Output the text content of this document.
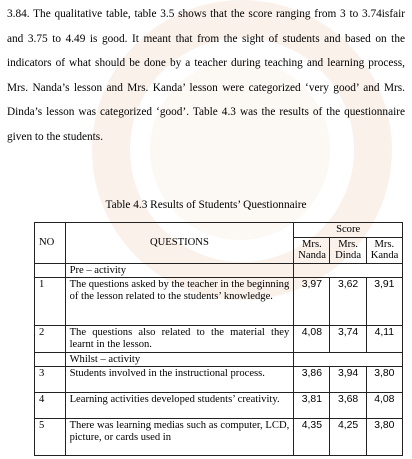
3.84. The qualitative table, table 3.5 shows that the score ranging from 3 to 3.74isfair and 3.75 to 4.49 is good. It meant that from the sight of students and based on the indicators of what should be done by a teacher during teaching and learning process, Mrs. Nanda’s lesson and Mrs. Kanda’ lesson were categorized ‘very good’ and Mrs. Dinda’s lesson was categorized ‘good’. Table 4.3 was the results of the questionnaire given to the students.

Table 4.3 Results of Students’ Questionnaire
NO	QUESTIONS	Score		
		Mrs. Nanda	Mrs. Dinda	Mrs. Kanda
	Pre – activity			
1	The questions asked by the teacher in the beginning of the lesson related to the students’ knowledge.	3,97	3,62	3,91
2	The questions also related to the material they learnt in the lesson.	4,08	3,74	4,11
	Whilst – activity			
3	Students involved in the instructional process.	3,86	3,94	3,80
4	Learning activities developed students’ creativity.	3,81	3,68	4,08
5	There was learning medias such as computer, LCD, picture, or cards used in	4,35	4,25	3,80
